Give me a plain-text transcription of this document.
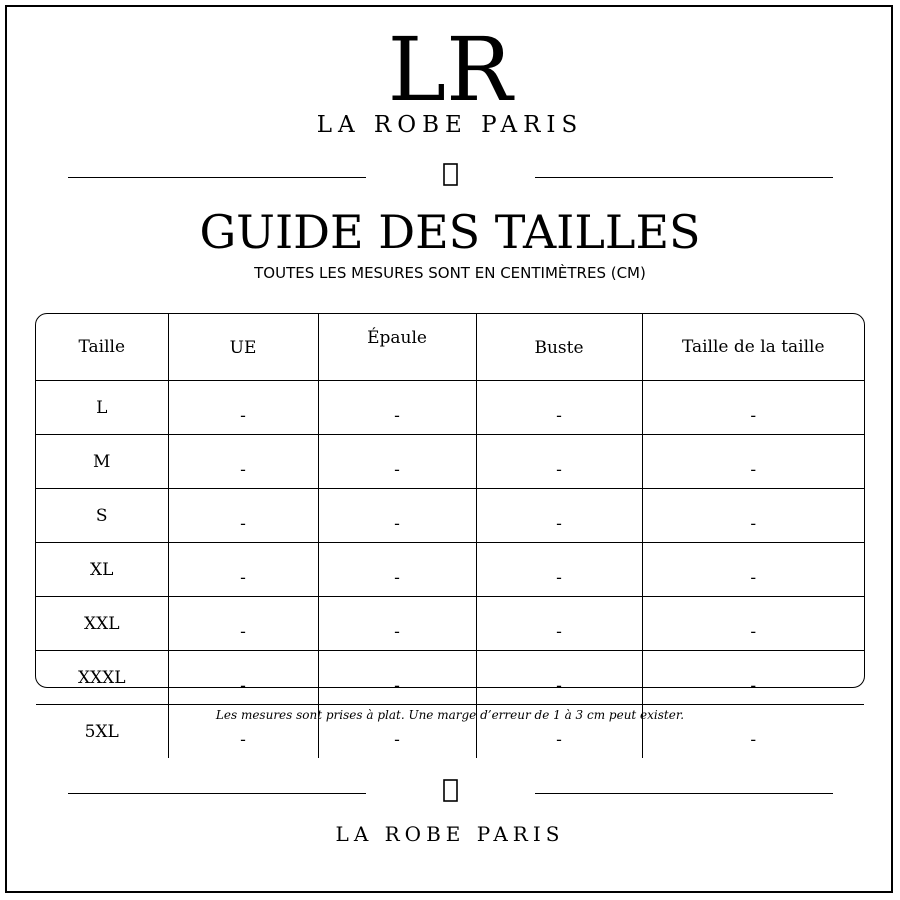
LR
LA ROBE PARIS
GUIDE DES TAILLES
TOUTES LES MESURES SONT EN CENTIMÈTRES (CM)
Taille	UE	Épaule	Buste	Taille de la taille
L	-	-	-	-
M	-	-	-	-
S	-	-	-	-
XL	-	-	-	-
XXL	-	-	-	-
XXXL	-	-	-	-
5XL	-	-	-	-
Les mesures sont prises à plat. Une marge d’erreur de 1 à 3 cm peut exister.
LA ROBE PARIS
